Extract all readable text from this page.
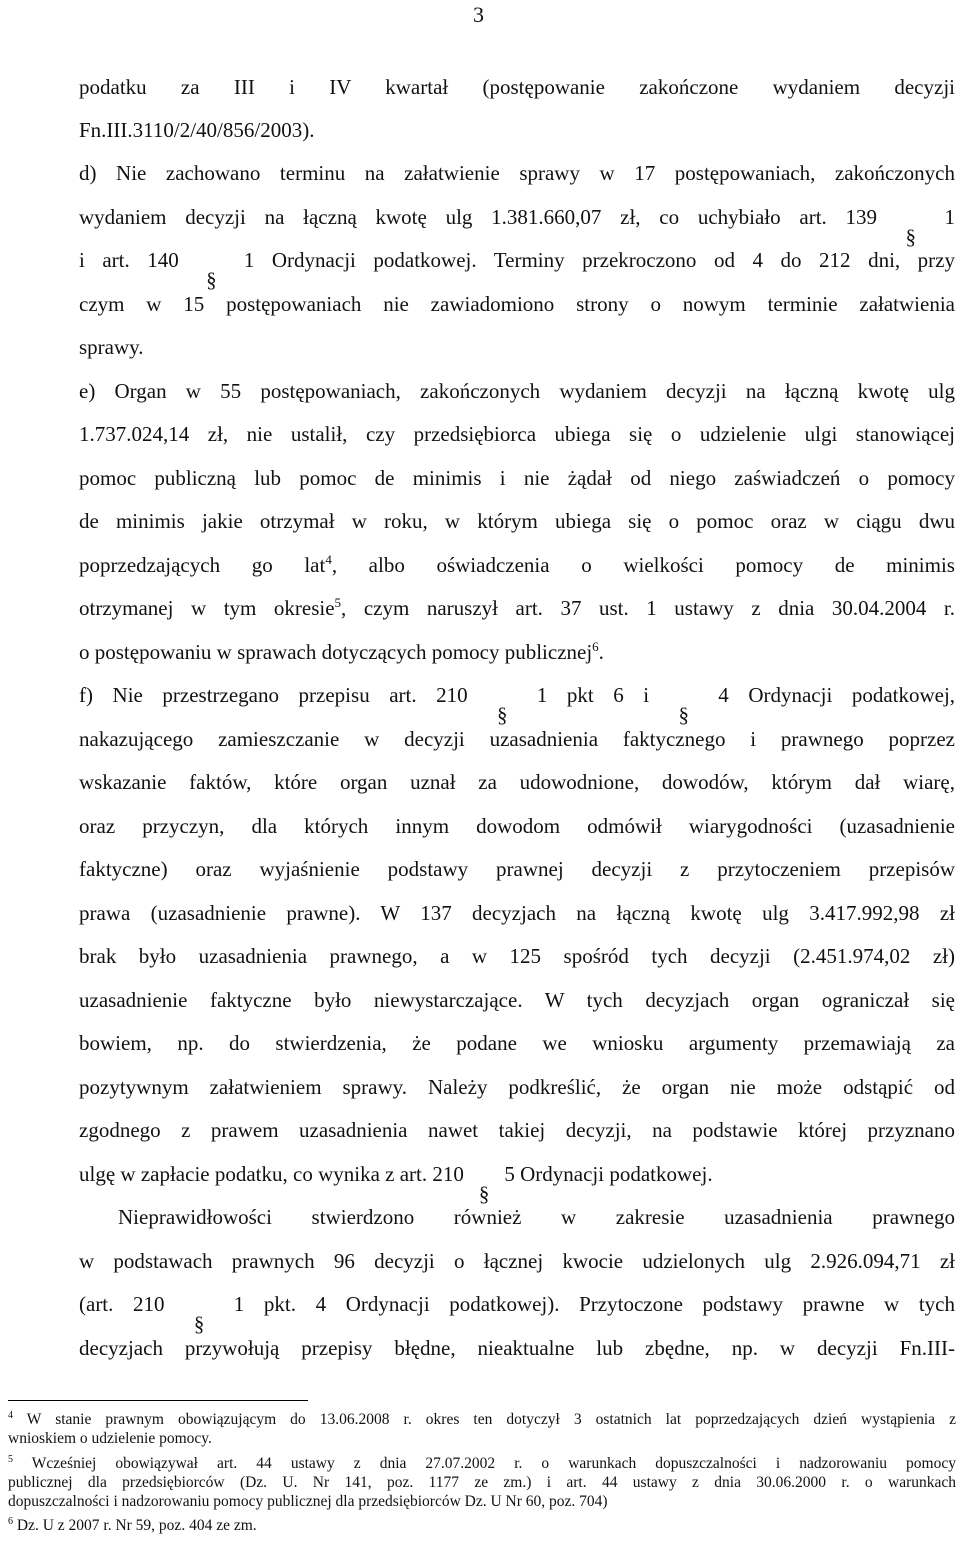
3
podatku za III i IV kwartał (postępowanie zakończone wydaniem decyzji
Fn.III.3110/2/40/856/2003).
d) Nie zachowano terminu na załatwienie sprawy w 17 postępowaniach, zakończonych
wydaniem decyzji na łączną kwotę ulg 1.381.660,07 zł, co uchybiało art. 139	1
i art. 140	1 Ordynacji podatkowej. Terminy przekroczono od 4 do 212 dni, przy
czym w 15 postępowaniach nie zawiadomiono strony o nowym terminie załatwienia
sprawy.
e) Organ w 55 postępowaniach, zakończonych wydaniem decyzji na łączną kwotę ulg
1.737.024,14 zł, nie ustalił, czy przedsiębiorca ubiega się o udzielenie ulgi stanowiącej
pomoc publiczną lub pomoc de minimis i nie żądał od niego zaświadczeń o pomocy
de minimis jakie otrzymał w roku, w którym ubiega się o pomoc oraz w ciągu dwu
poprzedzających go lat$^4$, albo oświadczenia o wielkości pomocy de minimis
otrzymanej w tym okresie$^5$, czym naruszył art. 37 ust. 1 ustawy z dnia 30.04.2004 r.
o postępowaniu w sprawach dotyczących pomocy publicznej$^6$.
f) Nie przestrzegano przepisu art. 210	1 pkt 6 i	4 Ordynacji podatkowej,
nakazującego zamieszczanie w decyzji uzasadnienia faktycznego i prawnego poprzez
wskazanie faktów, które organ uznał za udowodnione, dowodów, którym dał wiarę,
oraz przyczyn, dla których innym dowodom odmówił wiarygodności (uzasadnienie
faktyczne) oraz wyjaśnienie podstawy prawnej decyzji z przytoczeniem przepisów
prawa (uzasadnienie prawne). W 137 decyzjach na łączną kwotę ulg 3.417.992,98 zł
brak było uzasadnienia prawnego, a w 125 spośród tych decyzji (2.451.974,02 zł)
uzasadnienie faktyczne było niewystarczające. W tych decyzjach organ ograniczał się
bowiem, np. do stwierdzenia, że podane we wniosku argumenty przemawiają za
pozytywnym załatwieniem sprawy. Należy podkreślić, że organ nie może odstąpić od
zgodnego z prawem uzasadnienia nawet takiej decyzji, na podstawie której przyznano
ulgę w zapłacie podatku, co wynika z art. 210 5 Ordynacji podatkowej.
Nieprawidłowości stwierdzono również w zakresie uzasadnienia prawnego
w podstawach prawnych 96 decyzji o łącznej kwocie udzielonych ulg 2.926.094,71 zł
(art. 210	1 pkt. 4 Ordynacji podatkowej). Przytoczone podstawy prawne w tych
decyzjach przywołują przepisy błędne, nieaktualne lub zbędne, np. w decyzji Fn.III-
$^4$ W stanie prawnym obowiązującym do 13.06.2008 r. okres ten dotyczył 3 ostatnich lat poprzedzających dzień wystąpienia z
wnioskiem o udzielenie pomocy.
$^5$ Wcześniej obowiązywał art. 44 ustawy z dnia 27.07.2002 r. o warunkach dopuszczalności i nadzorowaniu pomocy
publicznej dla przedsiębiorców (Dz. U. Nr 141, poz. 1177 ze zm.) i art. 44 ustawy z dnia 30.06.2000 r. o warunkach
dopuszczalności i nadzorowaniu pomocy publicznej dla przedsiębiorców Dz. U Nr 60, poz. 704)
$^6$ Dz. U z 2007 r. Nr 59, poz. 404 ze zm.
